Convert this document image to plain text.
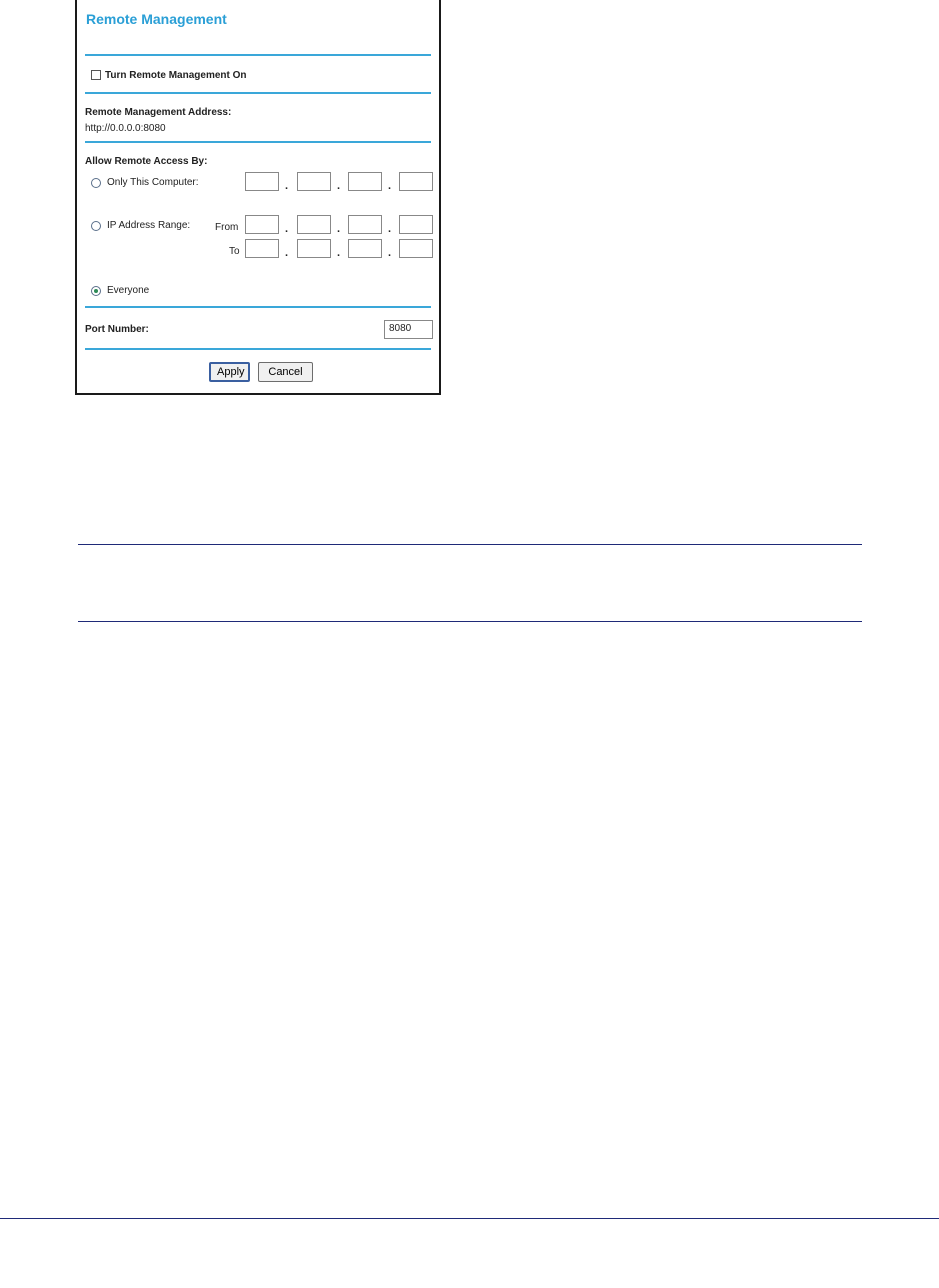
Remote Management
Turn Remote Management On
Remote Management Address:
http://0.0.0.0:8080
Allow Remote Access By:
Only This Computer:	.	.	.
IP Address Range: From	.	.	.
To	.	.	.
Everyone
Port Number:	8080
Apply	Cancel
